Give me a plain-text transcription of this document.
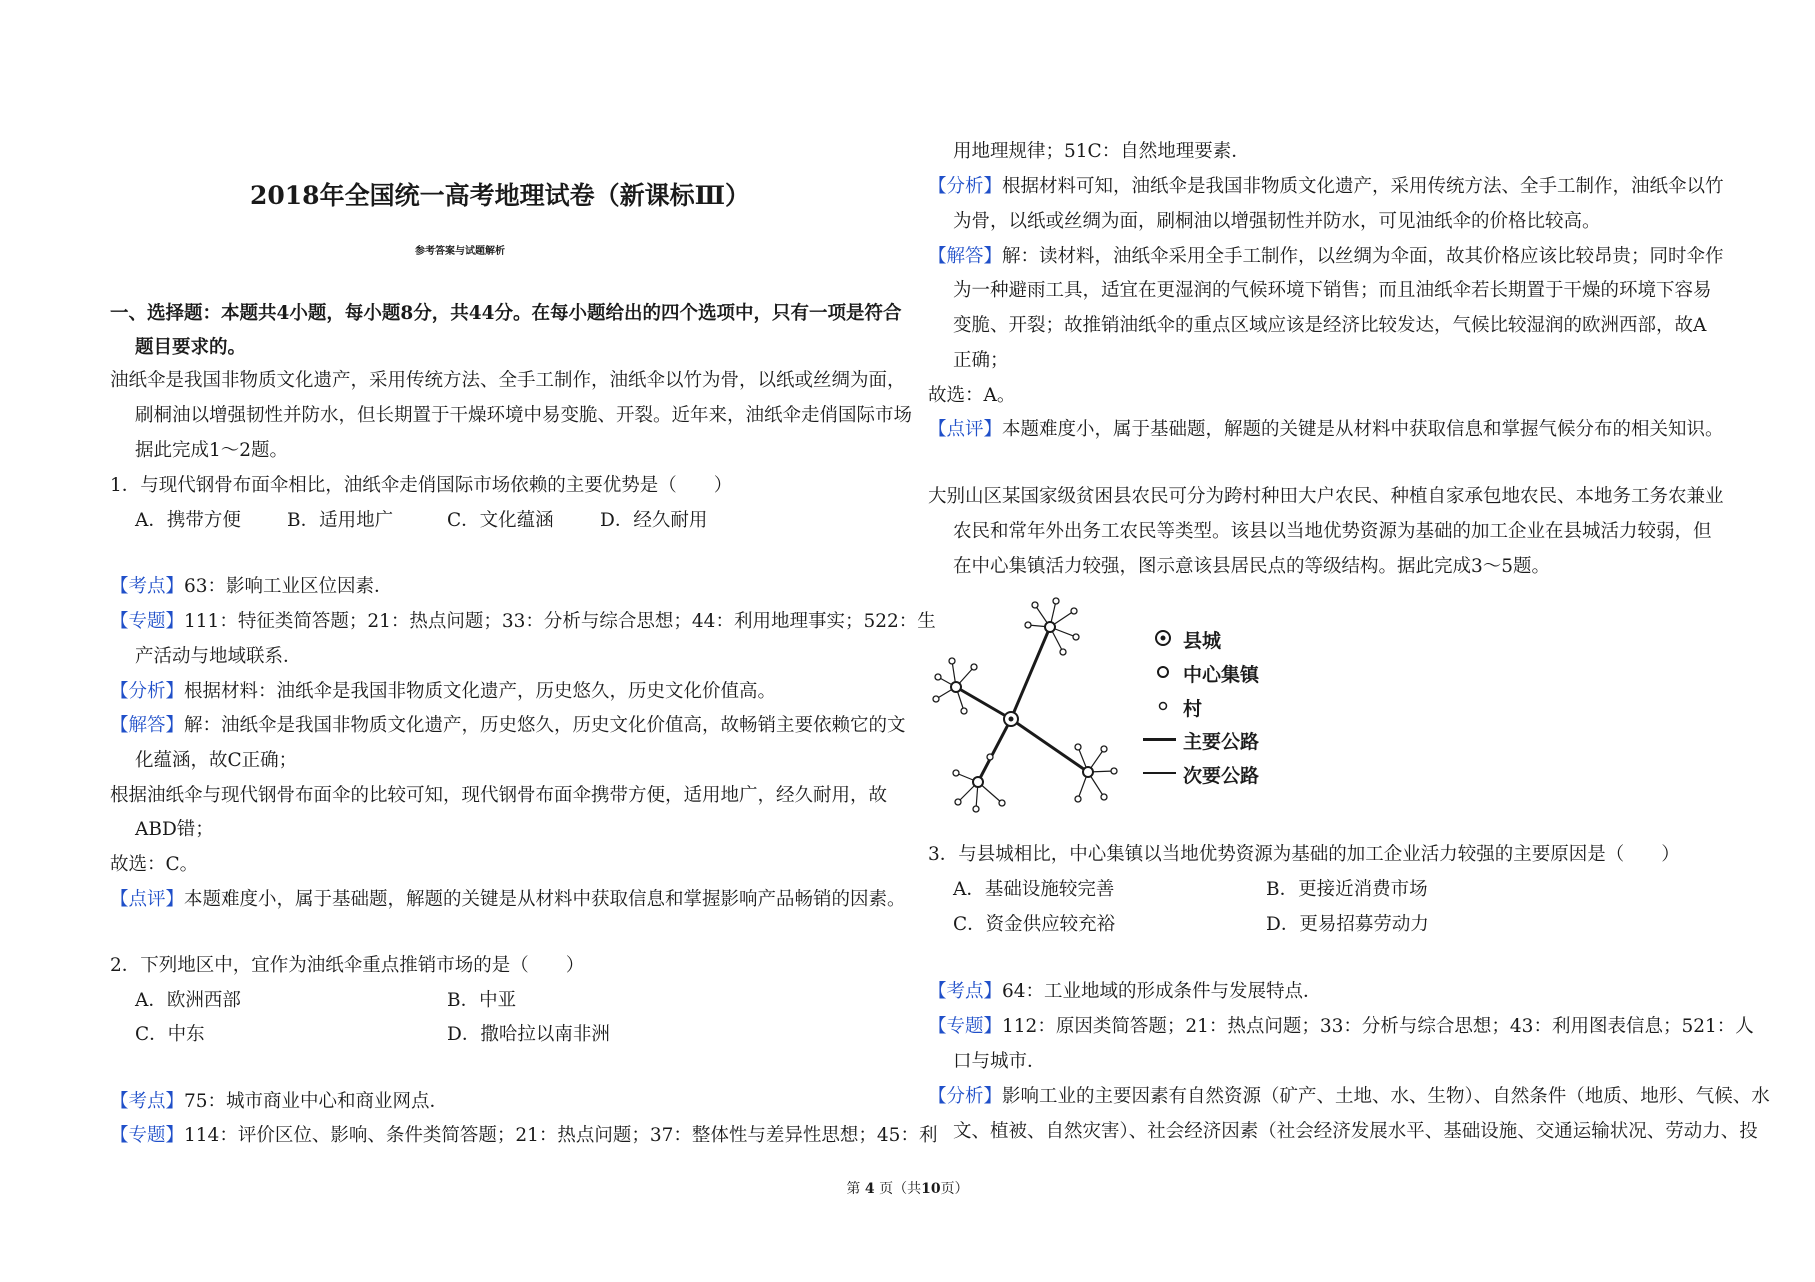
2018年全国统一高考地理试卷（新课标Ⅲ）
参考答案与试题解析
一、选择题：本题共4小题，每小题8分，共44分。在每小题给出的四个选项中，只有一项是符合
题目要求的。
油纸伞是我国非物质文化遗产，采用传统方法、全手工制作，油纸伞以竹为骨，以纸或丝绸为面，
刷桐油以增强韧性并防水，但长期置于干燥环境中易变脆、开裂。近年来，油纸伞走俏国际市场
据此完成1～2题。
1．与现代钢骨布面伞相比，油纸伞走俏国际市场依赖的主要优势是（　　）
A．携带方便 B．适用地广	C．文化蕴涵	D．经久耐用
【考点】63：影响工业区位因素．
【专题】111：特征类简答题；21：热点问题；33：分析与综合思想；44：利用地理事实；522：生
产活动与地域联系．
【分析】根据材料：油纸伞是我国非物质文化遗产，历史悠久，历史文化价值高。
【解答】解：油纸伞是我国非物质文化遗产，历史悠久，历史文化价值高，故畅销主要依赖它的文
化蕴涵，故C正确；
根据油纸伞与现代钢骨布面伞的比较可知，现代钢骨布面伞携带方便，适用地广，经久耐用，故
ABD错；
故选：C。
【点评】本题难度小，属于基础题，解题的关键是从材料中获取信息和掌握影响产品畅销的因素。
2．下列地区中，宜作为油纸伞重点推销市场的是（　　）
A．欧洲西部	B．中亚
C．中东	D．撒哈拉以南非洲
【考点】75：城市商业中心和商业网点．
【专题】114：评价区位、影响、条件类简答题；21：热点问题；37：整体性与差异性思想；45：利
用地理规律；51C：自然地理要素．
【分析】根据材料可知，油纸伞是我国非物质文化遗产，采用传统方法、全手工制作，油纸伞以竹
为骨，以纸或丝绸为面，刷桐油以增强韧性并防水，可见油纸伞的价格比较高。
【解答】解：读材料，油纸伞采用全手工制作，以丝绸为伞面，故其价格应该比较昂贵；同时伞作
为一种避雨工具，适宜在更湿润的气候环境下销售；而且油纸伞若长期置于干燥的环境下容易
变脆、开裂；故推销油纸伞的重点区域应该是经济比较发达，气候比较湿润的欧洲西部，故A
正确；
故选：A。
【点评】本题难度小，属于基础题，解题的关键是从材料中获取信息和掌握气候分布的相关知识。
大别山区某国家级贫困县农民可分为跨村种田大户农民、种植自家承包地农民、本地务工务农兼业
农民和常年外出务工农民等类型。该县以当地优势资源为基础的加工企业在县城活力较弱，但
在中心集镇活力较强，图示意该县居民点的等级结构。据此完成3～5题。
县城
中心集镇
村
主要公路
次要公路
3．与县城相比，中心集镇以当地优势资源为基础的加工企业活力较强的主要原因是（　　）
A．基础设施较完善	B．更接近消费市场
C．资金供应较充裕	D．更易招募劳动力
【考点】64：工业地域的形成条件与发展特点．
【专题】112：原因类简答题；21：热点问题；33：分析与综合思想；43：利用图表信息；521：人
口与城市．
【分析】影响工业的主要因素有自然资源（矿产、土地、水、生物）、自然条件（地质、地形、气候、水
文、植被、自然灾害）、社会经济因素（社会经济发展水平、基础设施、交通运输状况、劳动力、投
第 4 页（共10页）
